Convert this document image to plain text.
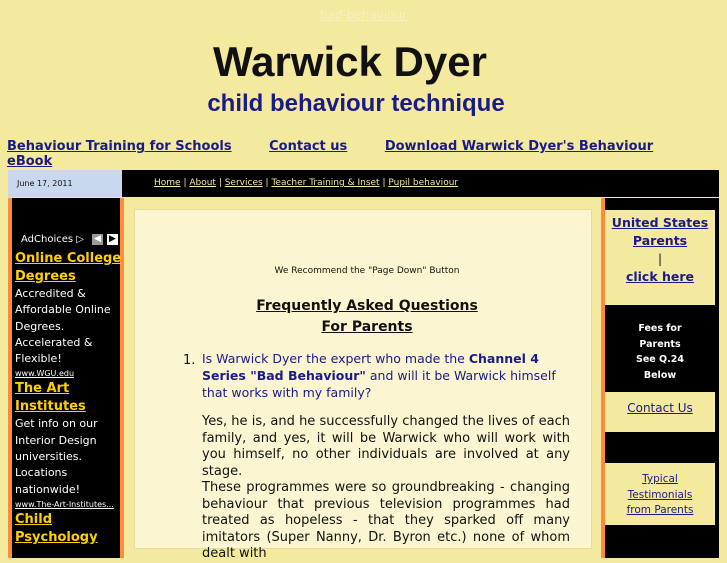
bad-behaviour
Warwick Dyer
child behaviour technique
Behaviour Training for Schools	Contact us	Download Warwick Dyer's Behaviour eBook
June 17, 2011	Home | About | Services | Teacher Training & Inset | Pupil behaviour
AdChoices ▷ ◀ ▶
Online College
Degrees
Accredited &
Affordable Online
Degrees.
Accelerated &
Flexible!
www.WGU.edu
The Art
Institutes
Get info on our
Interior Design
universities.
Locations
nationwide!
www.The-Art-Institutes...
Child
Psychology
We Recommend the "Page Down" Button
Frequently Asked Questions
For Parents
1. Is Warwick Dyer the expert who made the Channel 4 Series "Bad Behaviour" and will it be Warwick himself that works with my family?
Yes, he is, and he successfully changed the lives of each family, and yes, it will be Warwick who will work with you himself, no other individuals are involved at any stage.
These programmes were so groundbreaking - changing behaviour that previous television programmes had treated as hopeless - that they sparked off many imitators (Super Nanny, Dr. Byron etc.) none of whom dealt with
United States
Parents
|
click here
Fees for
Parents
See Q.24
Below
Contact Us
Typical
Testimonials
from Parents
